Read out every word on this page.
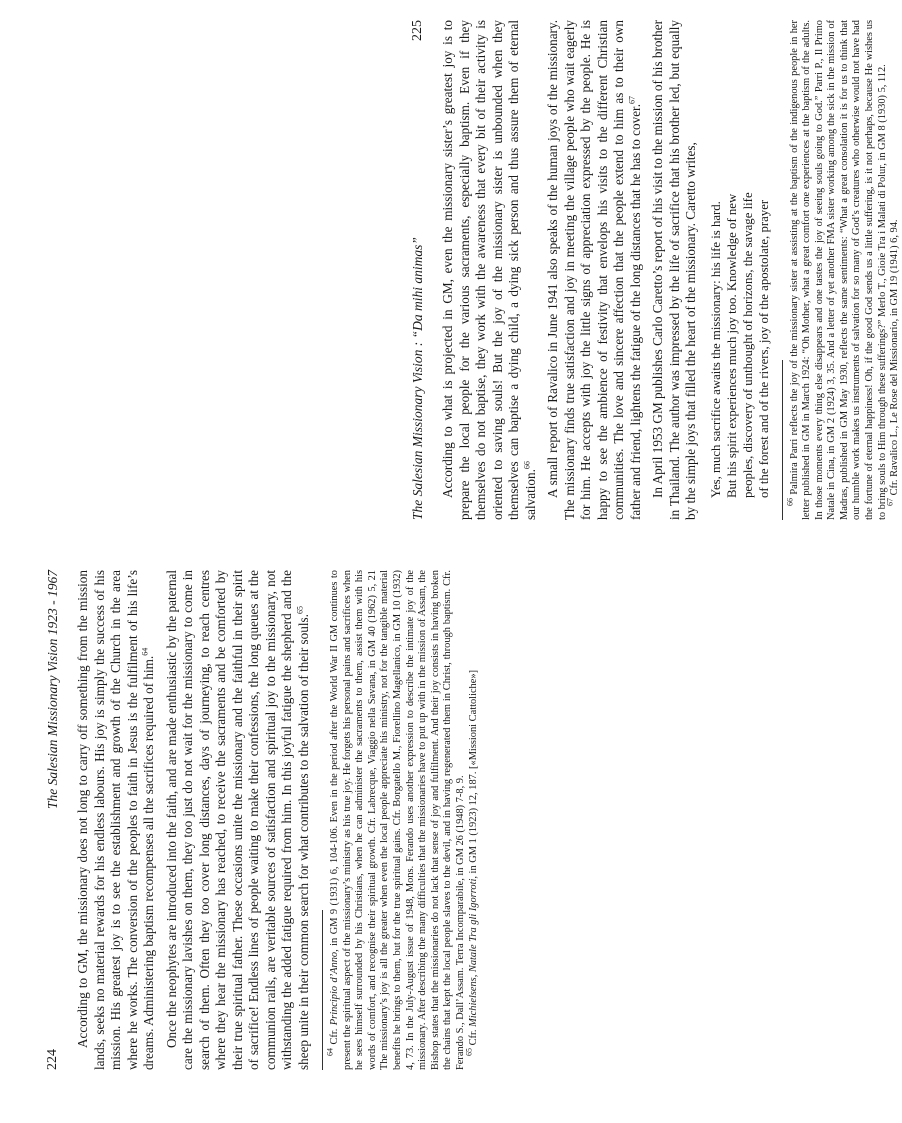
224
The Salesian Missionary Vision 1923 - 1967 According to GM, the missionary does not long to carry off something from the mission lands, seeks no material rewards for his endless labours. His joy is simply the success of his mission. His greatest joy is to see the establishment and growth of the Church in the area where he works. The conversion of the peoples to faith in Jesus is the fulfilment of his life’s dreams. Administering baptism recompenses all the sacrifices required of him.$^{64}$	Once the neophytes are introduced into the faith, and are made enthusiastic by the paternal care the missionary lavishes on them, they too just do not wait for the missionary to come in search of them. Often they too cover long distances, days of journeying, to reach centres where they hear the missionary has reached, to receive the sacraments and be comforted by their true spiritual father. These occasions unite the missionary and the faithful in their spirit of sacrifice! Endless lines of people waiting to make their confessions, the long queues at the communion rails, are veritable sources of satisfaction and spiritual joy to the missionary, not withstanding the added fatigue required from him. In this joyful fatigue the shepherd and the sheep unite in their common search for what contributes to the salvation of their souls.$^{65}$

$^{64}$ Cfr. Principio d’Anno, in GM 9 (1931) 6, 104-106. Even in the period after the World War II GM continues to present the spiritual aspect of the missionary’s ministry as his true joy. He forgets his personal pains and sacrifices when he sees himself surrounded by his Christians, when he can administer the sacraments to them, assist them with his words of comfort, and recognise their spiritual growth. Cfr. Labrecque, Viaggio nella Savana, in GM 40 (1962) 5, 21 The missionary’s joy is all the greater when even the local people appreciate his ministry, not for the tangible material benefits he brings to them, but for the true spiritual gains. Cfr. Borgatello M., Fiorellino Magellanico, in GM 10 (1932) 4, 73. In the July-August issue of 1948, Mons. Ferando uses another expression to describe the intimate joy of the missionary. After describing the many difficulties that the missionaries have to put up with in the mission of Assam, the Bishop states that the missionaries do not lack that sense of joy and fulfilment. And their joy consists in having broken the chains that kept the local people slaves to the devil, and in having regenerated them in Christ, through baptism. Cfr. Ferando S., Dall’Assam. Terra Incomparabile, in GM 26 (1948) 7-8, 9.

$^{65}$ Cfr. Michielsens, Natale Tra gli Igorroti, in GM 1 (1923) 12, 187. [«Missioni Cattoliche»]

The Salesian Missionary Vision : “Da mihi animas”
225 According to what is projected in GM, even the missionary sister’s greatest joy is to prepare the local people for the various sacraments, especially baptism. Even if they themselves do not baptise, they work with the awareness that every bit of their activity is oriented to saving souls! But the joy of the missionary sister is unbounded when they themselves can baptise a dying child, a dying sick person and thus assure them of eternal salvation.$^{66}$	A small report of Ravalico in June 1941 also speaks of the human joys of the missionary. The missionary finds true satisfaction and joy in meeting the village people who wait eagerly for him. He accepts with joy the little signs of appreciation expressed by the people. He is happy to see the ambience of festivity that envelops his visits to the different Christian communities. The love and sincere affection that the people extend to him as to their own father and friend, lightens the fatigue of the long distances that he has to cover.$^{67}$	In April 1953 GM publishes Carlo Caretto’s report of his visit to the mission of his brother in Thailand. The author was impressed by the life of sacrifice that his brother led, but equally by the simple joys that filled the heart of the missionary. Caretto writes, Yes, much sacrifice awaits the missionary: his life is hard. But his spirit experiences much joy too. Knowledge of new peoples, discovery of unthought of horizons, the savage life of the forest and of the rivers, joy of the apostolate, prayer

$^{66}$ Palmira Parri reflects the joy of the missionary sister at assisting at the baptism of the indigenous people in her letter published in GM in March 1924: “Oh Mother, what a great comfort one experiences at the baptism of the adults. In those moments every thing else disappears and one tastes the joy of seeing souls going to God.” Parri P., Il Primo Natale in Cina, in GM 2 (1924) 3, 35. And a letter of yet another FMA sister working among the sick in the mission of Madras, published in GM May 1930, reflects the same sentiments: “What a great consolation it is for us to think that our humble work makes us instruments of salvation for so many of God’s creatures who otherwise would not have had the fortune of eternal happiness! Oh, if the good God sends us a little suffering, is it not perhaps, because He wishes us to bring souls to Him through these sufferings?” Merlo T., Gioie Tra i Malati di Polur, in GM 8 (1930) 5, 112.

$^{67}$ Cfr. Ravalico L., Le Rose del Missionario, in GM 19 (1941) 6, 94.
